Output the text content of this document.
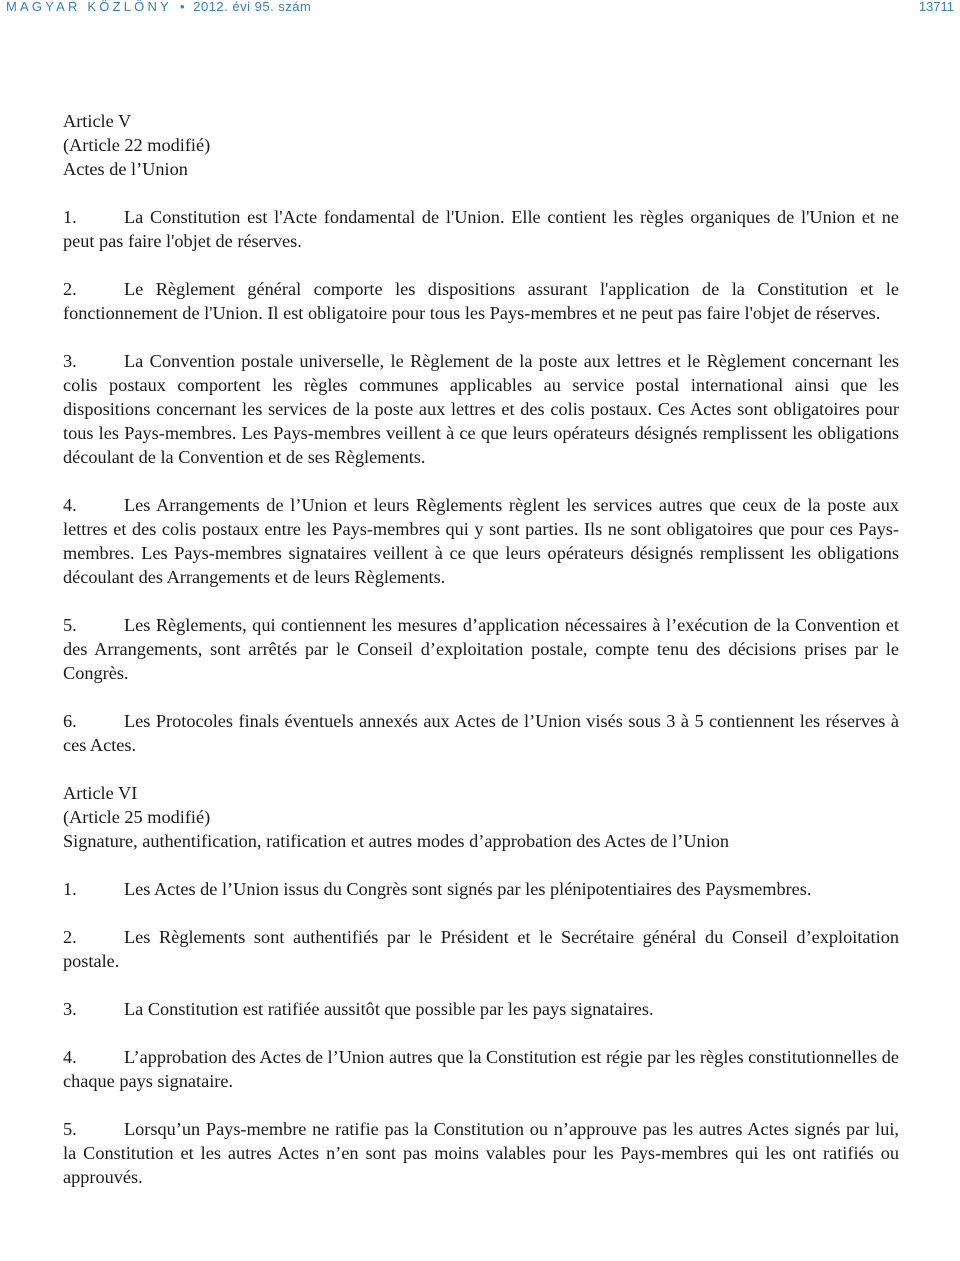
MAGYAR KÖZLÖNY • 2012. évi 95. szám	13711
Article V
(Article 22 modifié)
Actes de l’Union

1.	La Constitution est l'Acte fondamental de l'Union. Elle contient les règles organiques de l'Union et ne peut pas faire l'objet de réserves.

2.	Le Règlement général comporte les dispositions assurant l'application de la Constitution et le fonctionnement de l'Union. Il est obligatoire pour tous les Pays-membres et ne peut pas faire l'objet de réserves.

3.	La Convention postale universelle, le Règlement de la poste aux lettres et le Règlement concernant les colis postaux comportent les règles communes applicables au service postal international ainsi que les dispositions concernant les services de la poste aux lettres et des colis postaux. Ces Actes sont obligatoires pour tous les Pays-membres. Les Pays-membres veillent à ce que leurs opérateurs désignés remplissent les obligations découlant de la Convention et de ses Règlements.

4.	Les Arrangements de l’Union et leurs Règlements règlent les services autres que ceux de la poste aux lettres et des colis postaux entre les Pays-membres qui y sont parties. Ils ne sont obligatoires que pour ces Pays-membres. Les Pays-membres signataires veillent à ce que leurs opérateurs désignés remplissent les obligations découlant des Arrangements et de leurs Règlements.

5.	Les Règlements, qui contiennent les mesures d’application nécessaires à l’exécution de la Convention et des Arrangements, sont arrêtés par le Conseil d’exploitation postale, compte tenu des décisions prises par le Congrès.

6.	Les Protocoles finals éventuels annexés aux Actes de l’Union visés sous 3 à 5 contiennent les réserves à ces Actes.

Article VI
(Article 25 modifié)
Signature, authentification, ratification et autres modes d’approbation des Actes de l’Union

1.	Les Actes de l’Union issus du Congrès sont signés par les plénipotentiaires des Paysmembres.

2.	Les Règlements sont authentifiés par le Président et le Secrétaire général du Conseil d’exploitation postale.

3.	La Constitution est ratifiée aussitôt que possible par les pays signataires.

4.	L’approbation des Actes de l’Union autres que la Constitution est régie par les règles constitutionnelles de chaque pays signataire.

5.	Lorsqu’un Pays-membre ne ratifie pas la Constitution ou n’approuve pas les autres Actes signés par lui, la Constitution et les autres Actes n’en sont pas moins valables pour les Pays-membres qui les ont ratifiés ou approuvés.
